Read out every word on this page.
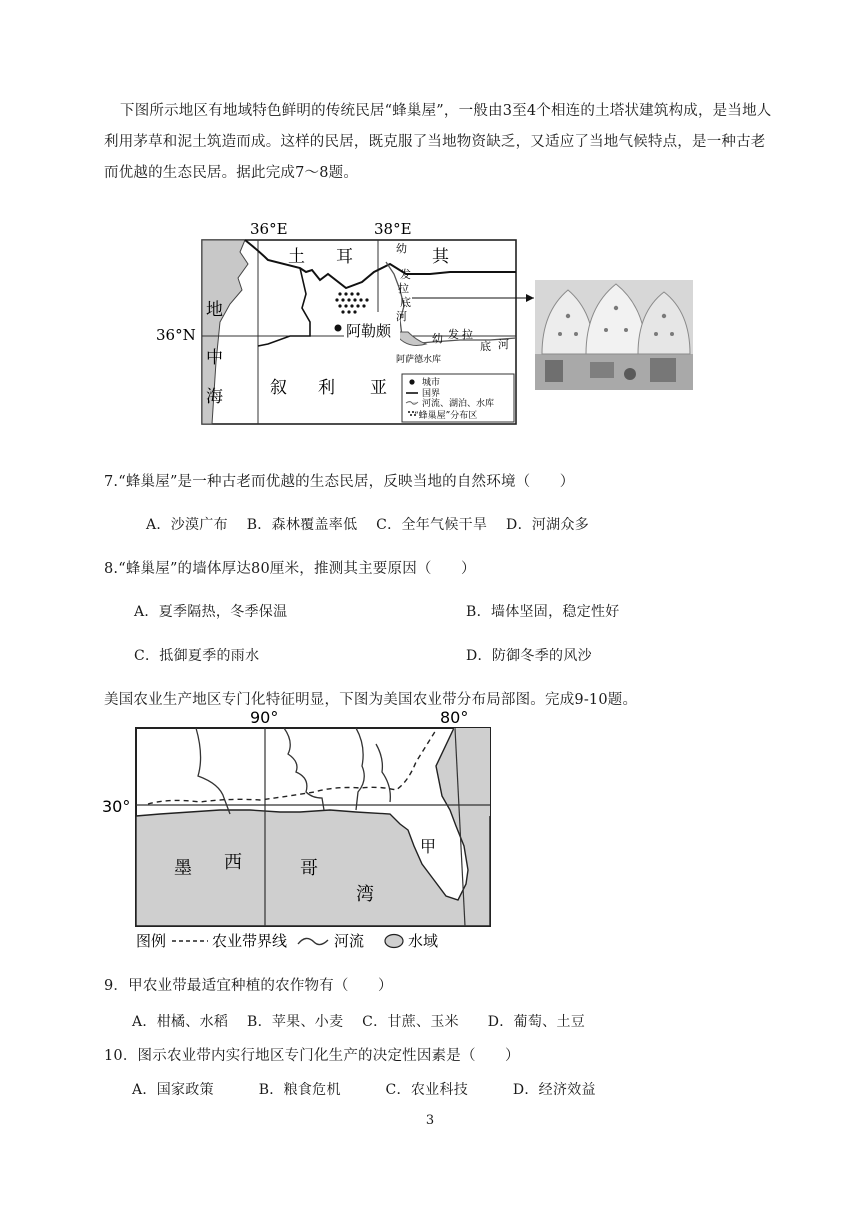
下图所示地区有地域特色鲜明的传统民居“蜂巢屋”，一般由3至4个相连的土塔状建筑构成，是当地人利用茅草和泥土筑造而成。这样的民居，既克服了当地物资缺乏，又适应了当地气候特点，是一种古老而优越的生态民居。据此完成7～8题。
城市
国界
河流、湖泊、水库
“蜂巢屋”分布区
36°E	38°E
36°N
土 耳	其
地
中
海	叙 利 亚
阿勒颇
幼
发
拉
底
河
幼 发 拉
底 河
阿萨德水库
7.“蜂巢屋”是一种古老而优越的生态民居，反映当地的自然环境（　　）
A．沙漠广布 B．森林覆盖率低 C．全年气候干旱 D．河湖众多
8.“蜂巢屋”的墙体厚达80厘米，推测其主要原因（　　）
A．夏季隔热，冬季保温	B．墙体坚固，稳定性好
C．抵御夏季的雨水	D．防御冬季的风沙
美国农业生产地区专门化特征明显，下图为美国农业带分布局部图。完成9-10题。
90°	80°
30°
甲
墨 西	哥
湾
图例	农业带界线	河流	水域
9．甲农业带最适宜种植的农作物有（　　）
A．柑橘、水稻 B．苹果、小麦 C．甘蔗、玉米 D．葡萄、土豆
10．图示农业带内实行地区专门化生产的决定性因素是（　　）
A．国家政策	B．粮食危机	C．农业科技	D．经济效益
3
